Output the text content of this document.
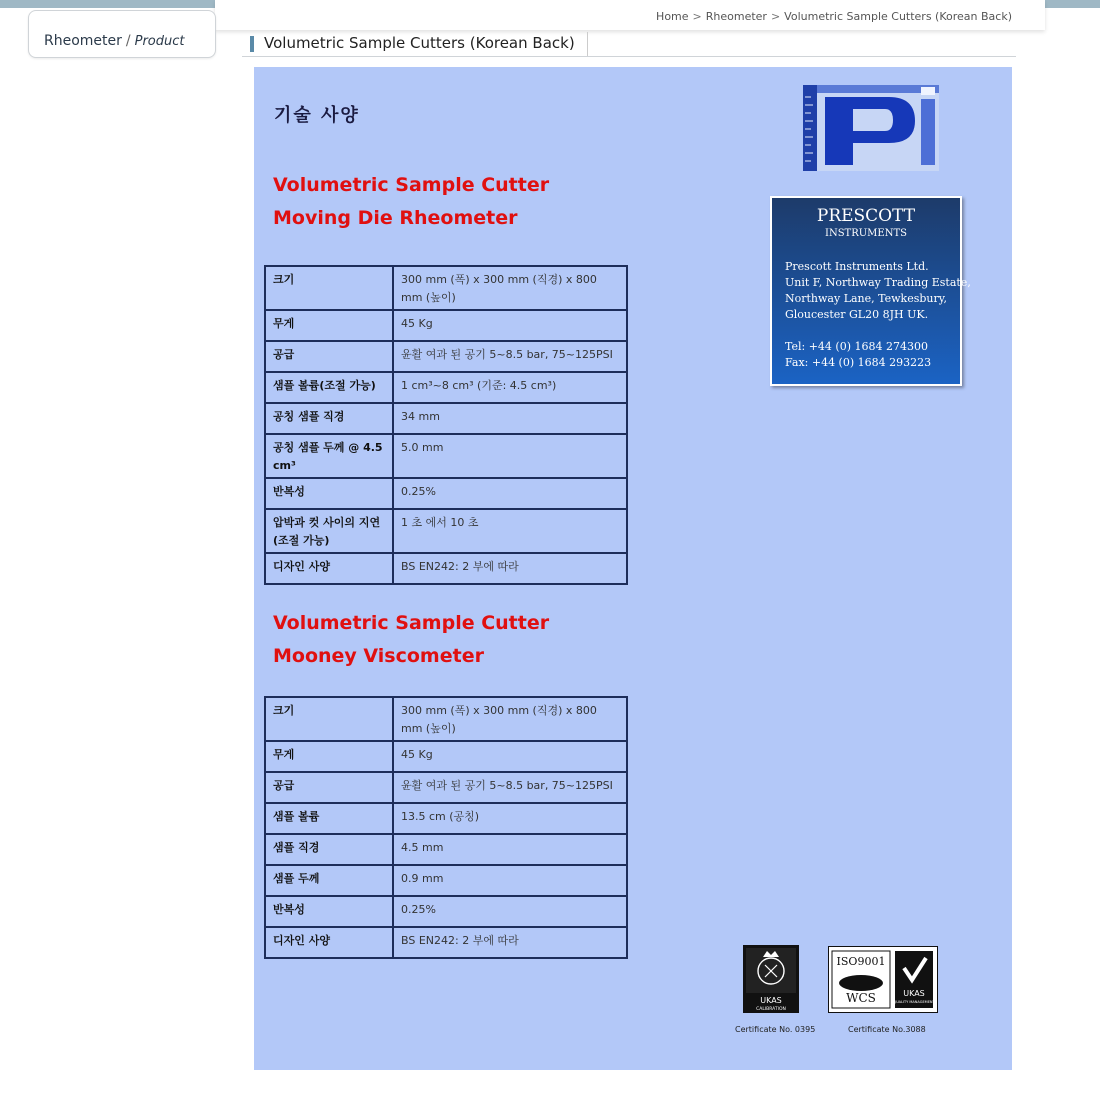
Rheometer / Product
Home > Rheometer > Volumetric Sample Cutters (Korean Back)
Volumetric Sample Cutters (Korean Back)
기술 사양
Volumetric Sample Cutter
Moving Die Rheometer
크기	300 mm (폭) x 300 mm (직경) x 800 mm (높이)
무게	45 Kg
공급	윤활 여과 된 공기 5~8.5 bar, 75~125PSI
샘플 볼륨(조절 가능)	1 cm³~8 cm³ (기준: 4.5 cm³)
공칭 샘플 직경	34 mm
공칭 샘플 두께 @ 4.5 cm³	5.0 mm
반복성	0.25%
압박과 컷 사이의 지연 (조절 가능)	1 초 에서 10 초
디자인 사양	BS EN242: 2 부에 따라
Volumetric Sample Cutter
Mooney Viscometer
크기	300 mm (폭) x 300 mm (직경) x 800 mm (높이)
무게	45 Kg
공급	윤활 여과 된 공기 5~8.5 bar, 75~125PSI
샘플 볼륨	13.5 cm (공칭)
샘플 직경	4.5 mm
샘플 두께	0.9 mm
반복성	0.25%
디자인 사양	BS EN242: 2 부에 따라
PRESCOTT
INSTRUMENTS
Prescott Instruments Ltd.
Unit F, Northway Trading Estate,
Northway Lane, Tewkesbury,
Gloucester GL20 8JH UK.
Tel: +44 (0) 1684 274300
Fax: +44 (0) 1684 293223
UKAS
CALIBRATION
ISO9001
WCS	UKAS
QUALITY MANAGEMENT
Certificate No. 0395	Certificate No.3088
